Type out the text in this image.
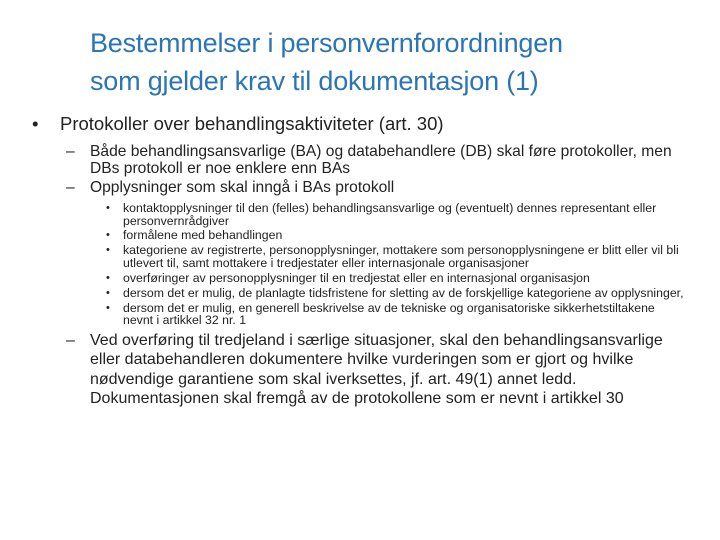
Bestemmelser i personvernforordningen
som gjelder krav til dokumentasjon (1)
• Protokoller over behandlingsaktiviteter (art. 30)
– Både behandlingsansvarlige (BA) og databehandlere (DB) skal føre protokoller, men DBs protokoll er noe enklere enn BAs
– Opplysninger som skal inngå i BAs protokoll
• kontaktopplysninger til den (felles) behandlingsansvarlige og (eventuelt) dennes representant eller personvernrådgiver
• formålene med behandlingen
• kategoriene av registrerte, personopplysninger, mottakere som personopplysningene er blitt eller vil bli utlevert til, samt mottakere i tredjestater eller internasjonale organisasjoner
• overføringer av personopplysninger til en tredjestat eller en internasjonal organisasjon
• dersom det er mulig, de planlagte tidsfristene for sletting av de forskjellige kategoriene av opplysninger,
• dersom det er mulig, en generell beskrivelse av de tekniske og organisatoriske sikkerhetstiltakene nevnt i artikkel 32 nr. 1
– Ved overføring til tredjeland i særlige situasjoner, skal den behandlingsansvarlige eller databehandleren dokumentere hvilke vurderingen som er gjort og hvilke nødvendige garantiene som skal iverksettes, jf. art. 49(1) annet ledd. Dokumentasjonen skal fremgå av de protokollene som er nevnt i artikkel 30
